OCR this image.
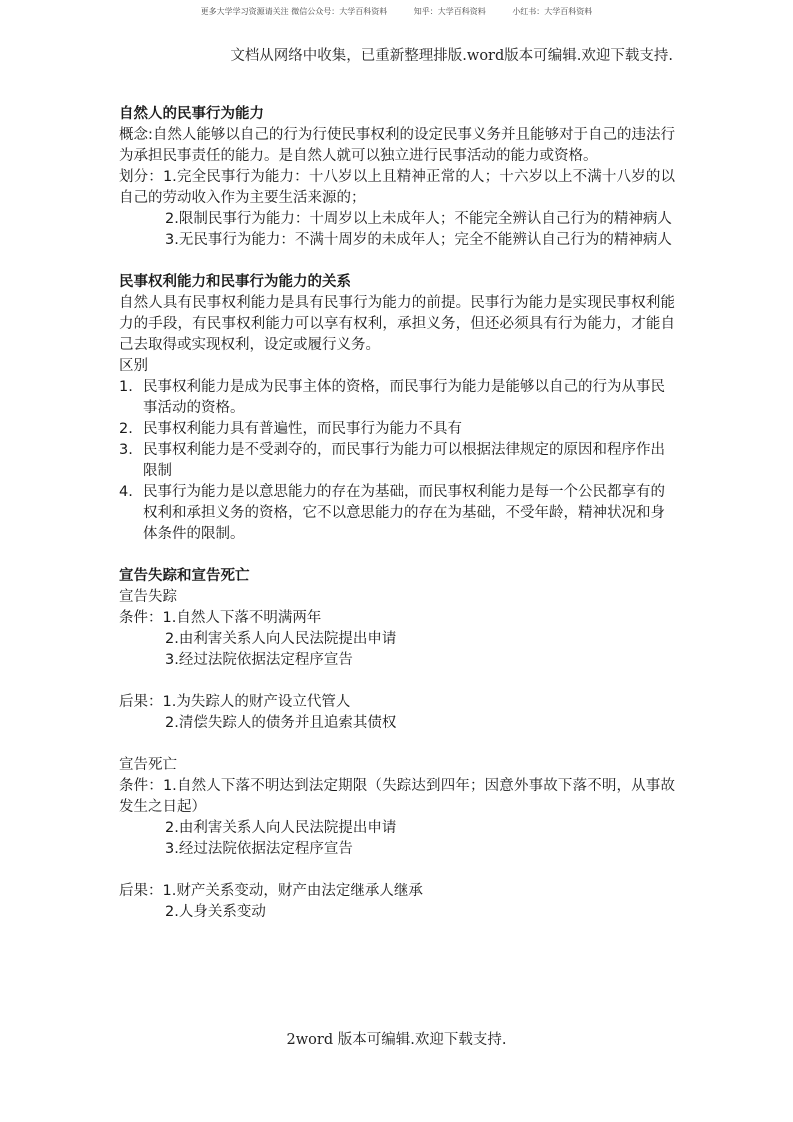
更多大学学习资源请关注 微信公众号：大学百科资料	知乎：大学百科资料	小红书：大学百科资料
文档从网络中收集，已重新整理排版.word版本可编辑.欢迎下载支持.
自然人的民事行为能力

概念:自然人能够以自己的行为行使民事权利的设定民事义务并且能够对于自己的违法行为承担民事责任的能力。是自然人就可以独立进行民事活动的能力或资格。

划分：1.完全民事行为能力：十八岁以上且精神正常的人；十六岁以上不满十八岁的以自己的劳动收入作为主要生活来源的；

2.限制民事行为能力：十周岁以上未成年人；不能完全辨认自己行为的精神病人

3.无民事行为能力：不满十周岁的未成年人；完全不能辨认自己行为的精神病人

民事权利能力和民事行为能力的关系

自然人具有民事权利能力是具有民事行为能力的前提。民事行为能力是实现民事权利能力的手段，有民事权利能力可以享有权利，承担义务，但还必须具有行为能力，才能自己去取得或实现权利，设定或履行义务。

区别

1. 民事权利能力是成为民事主体的资格，而民事行为能力是能够以自己的行为从事民事活动的资格。
2. 民事权利能力具有普遍性，而民事行为能力不具有
3. 民事权利能力是不受剥夺的，而民事行为能力可以根据法律规定的原因和程序作出限制
4. 民事行为能力是以意思能力的存在为基础，而民事权利能力是每一个公民都享有的权利和承担义务的资格，它不以意思能力的存在为基础，不受年龄，精神状况和身体条件的限制。
宣告失踪和宣告死亡

宣告失踪

条件：1.自然人下落不明满两年

2.由利害关系人向人民法院提出申请

3.经过法院依据法定程序宣告

后果：1.为失踪人的财产设立代管人

2.清偿失踪人的债务并且追索其债权

宣告死亡

条件：1.自然人下落不明达到法定期限（失踪达到四年；因意外事故下落不明，从事故发生之日起）

2.由利害关系人向人民法院提出申请

3.经过法院依据法定程序宣告

后果：1.财产关系变动，财产由法定继承人继承

2.人身关系变动

2word 版本可编辑.欢迎下载支持.
